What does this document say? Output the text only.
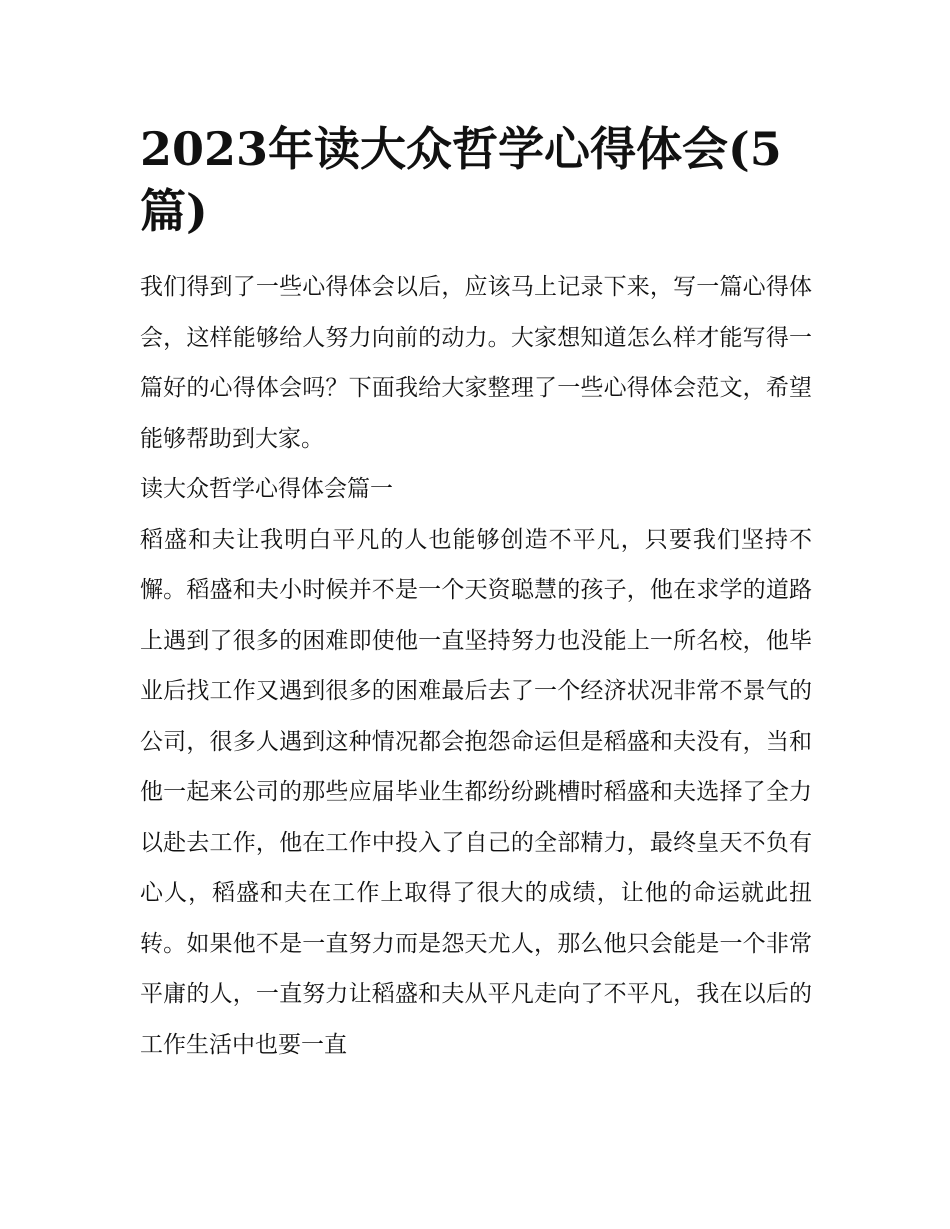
2023年读大众哲学心得体会(5篇)

我们得到了一些心得体会以后，应该马上记录下来，写一篇心得体会，这样能够给人努力向前的动力。大家想知道怎么样才能写得一篇好的心得体会吗？下面我给大家整理了一些心得体会范文，希望能够帮助到大家。

读大众哲学心得体会篇一

稻盛和夫让我明白平凡的人也能够创造不平凡，只要我们坚持不懈。稻盛和夫小时候并不是一个天资聪慧的孩子，他在求学的道路上遇到了很多的困难即使他一直坚持努力也没能上一所名校，他毕业后找工作又遇到很多的困难最后去了一个经济状况非常不景气的公司，很多人遇到这种情况都会抱怨命运但是稻盛和夫没有，当和他一起来公司的那些应届毕业生都纷纷跳槽时稻盛和夫选择了全力以赴去工作，他在工作中投入了自己的全部精力，最终皇天不负有心人，稻盛和夫在工作上取得了很大的成绩，让他的命运就此扭转。如果他不是一直努力而是怨天尤人，那么他只会能是一个非常平庸的人，一直努力让稻盛和夫从平凡走向了不平凡，我在以后的工作生活中也要一直
